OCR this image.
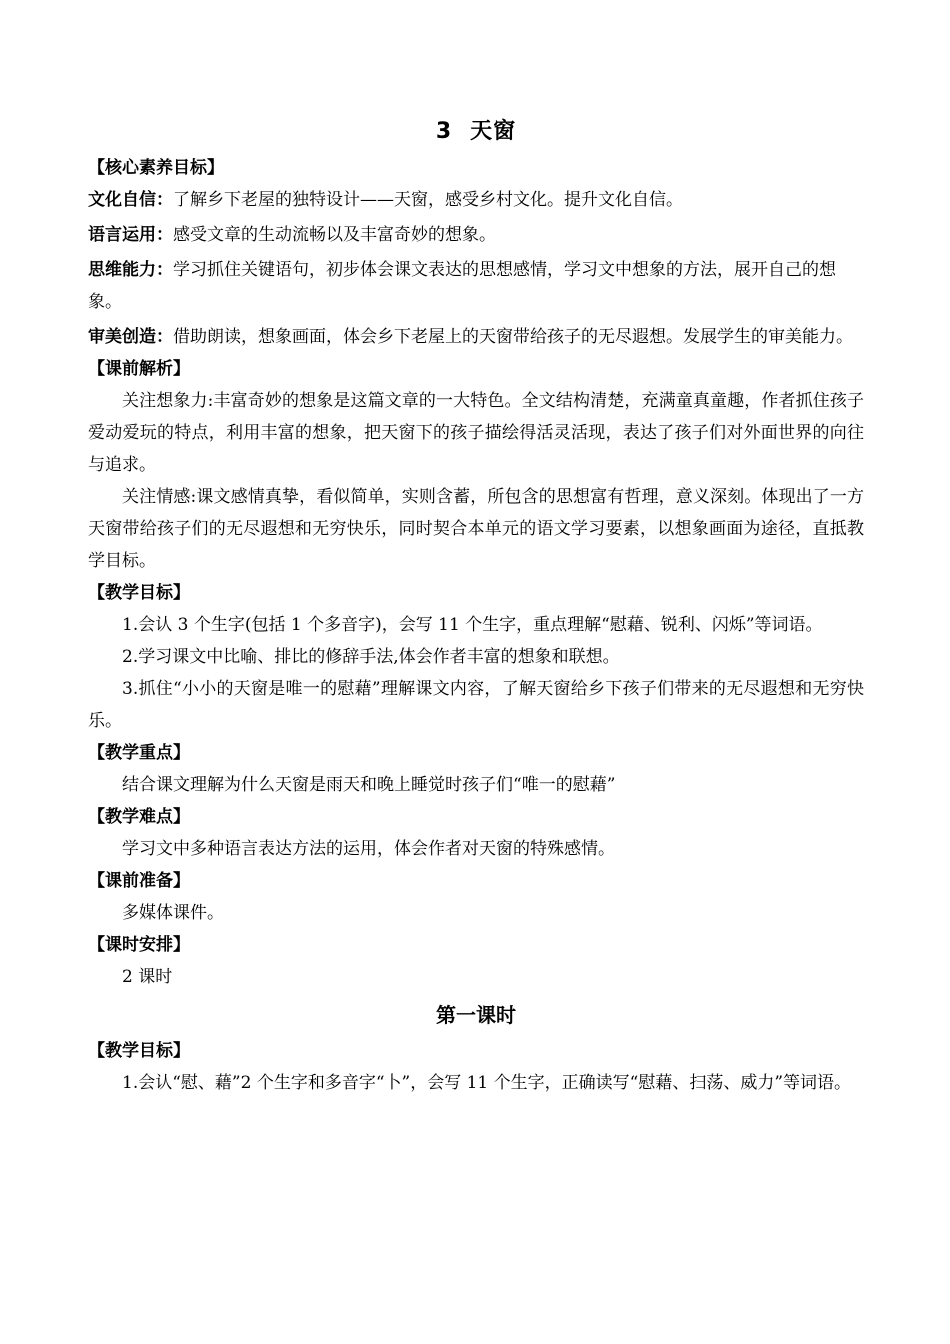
3 天窗

【核心素养目标】

文化自信：了解乡下老屋的独特设计——天窗，感受乡村文化。提升文化自信。

语言运用：感受文章的生动流畅以及丰富奇妙的想象。

思维能力：学习抓住关键语句，初步体会课文表达的思想感情，学习文中想象的方法，展开自己的想象。

审美创造： 借助朗读，想象画面，体会乡下老屋上的天窗带给孩子的无尽遐想。发展学生的审美能力。

【课前解析】

关注想象力:丰富奇妙的想象是这篇文章的一大特色。全文结构清楚，充满童真童趣，作者抓住孩子爱动爱玩的特点，利用丰富的想象，把天窗下的孩子描绘得活灵活现，表达了孩子们对外面世界的向往与追求。

关注情感:课文感情真挚，看似简单，实则含蓄，所包含的思想富有哲理，意义深刻。体现出了一方天窗带给孩子们的无尽遐想和无穷快乐，同时契合本单元的语文学习要素，以想象画面为途径，直抵教学目标。

【教学目标】

1.会认 3 个生字(包括 1 个多音字)，会写 11 个生字，重点理解“慰藉、锐利、闪烁”等词语。

2.学习课文中比喻、排比的修辞手法,体会作者丰富的想象和联想。

3.抓住“小小的天窗是唯一的慰藉”理解课文内容，了解天窗给乡下孩子们带来的无尽遐想和无穷快乐。

【教学重点】

结合课文理解为什么天窗是雨天和晚上睡觉时孩子们“唯一的慰藉”

【教学难点】

学习文中多种语言表达方法的运用，体会作者对天窗的特殊感情。

【课前准备】

多媒体课件。

【课时安排】

2 课时

第一课时

【教学目标】

1.会认“慰、藉”2 个生字和多音字“卜”，会写 11 个生字，正确读写“慰藉、扫荡、威力”等词语。
